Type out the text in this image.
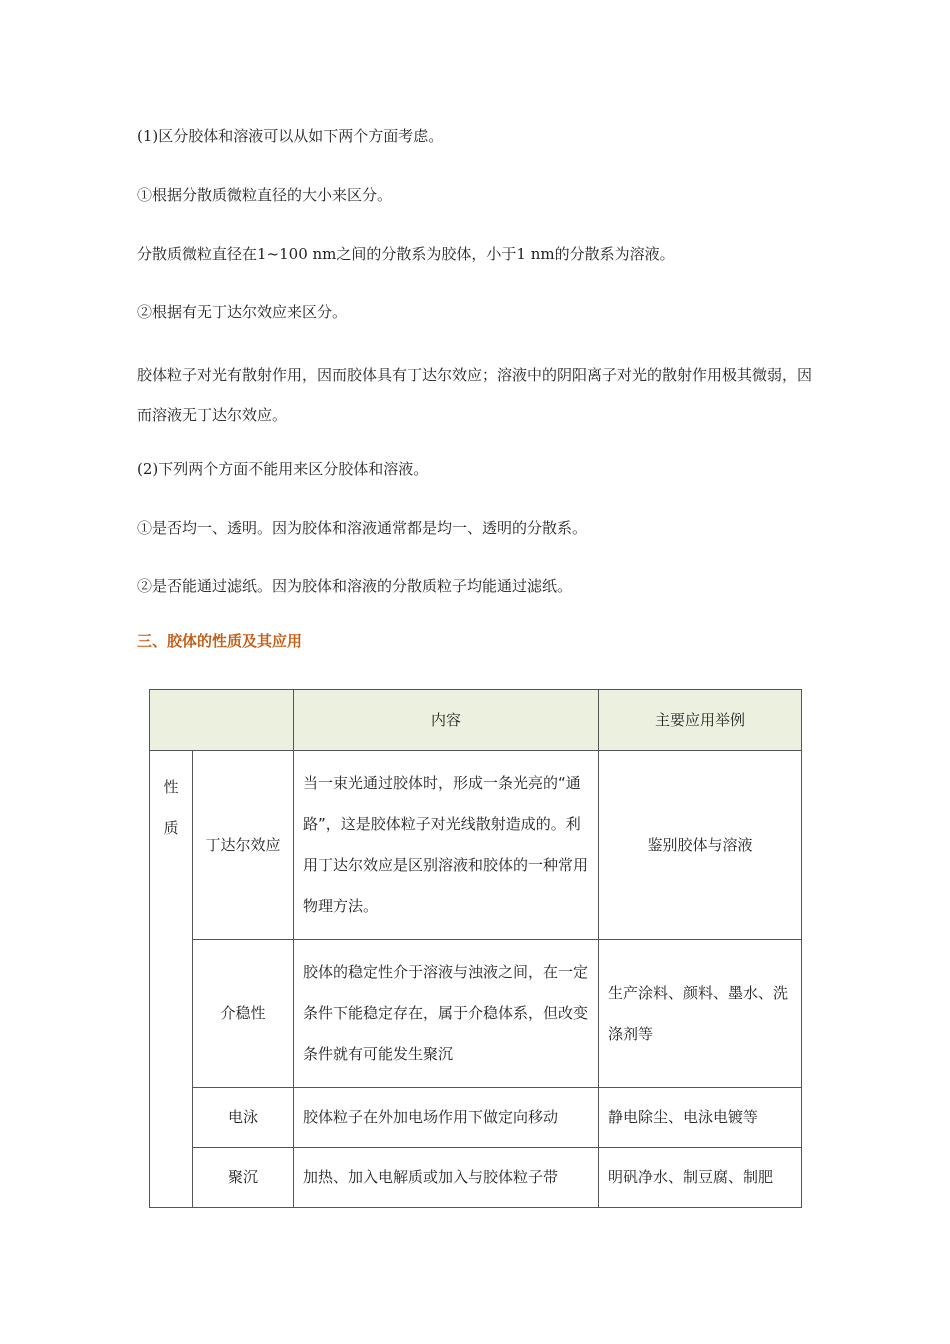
(1)区分胶体和溶液可以从如下两个方面考虑。

①根据分散质微粒直径的大小来区分。

分散质微粒直径在1~100 nm之间的分散系为胶体，小于1 nm的分散系为溶液。

②根据有无丁达尔效应来区分。

胶体粒子对光有散射作用，因而胶体具有丁达尔效应；溶液中的阴阳离子对光的散射作用极其微弱，因而溶液无丁达尔效应。

(2)下列两个方面不能用来区分胶体和溶液。

①是否均一、透明。因为胶体和溶液通常都是均一、透明的分散系。

②是否能通过滤纸。因为胶体和溶液的分散质粒子均能通过滤纸。

三、胶体的性质及其应用
		内容	主要应用举例
性质	丁达尔效应	当一束光通过胶体时，形成一条光亮的“通路”，这是胶体粒子对光线散射造成的。利用丁达尔效应是区别溶液和胶体的一种常用物理方法。	鉴别胶体与溶液
	介稳性	胶体的稳定性介于溶液与浊液之间，在一定条件下能稳定存在，属于介稳体系，但改变条件就有可能发生聚沉	生产涂料、颜料、墨水、洗涤剂等
	电泳	胶体粒子在外加电场作用下做定向移动	静电除尘、电泳电镀等
	聚沉	加热、加入电解质或加入与胶体粒子带	明矾净水、制豆腐、制肥
